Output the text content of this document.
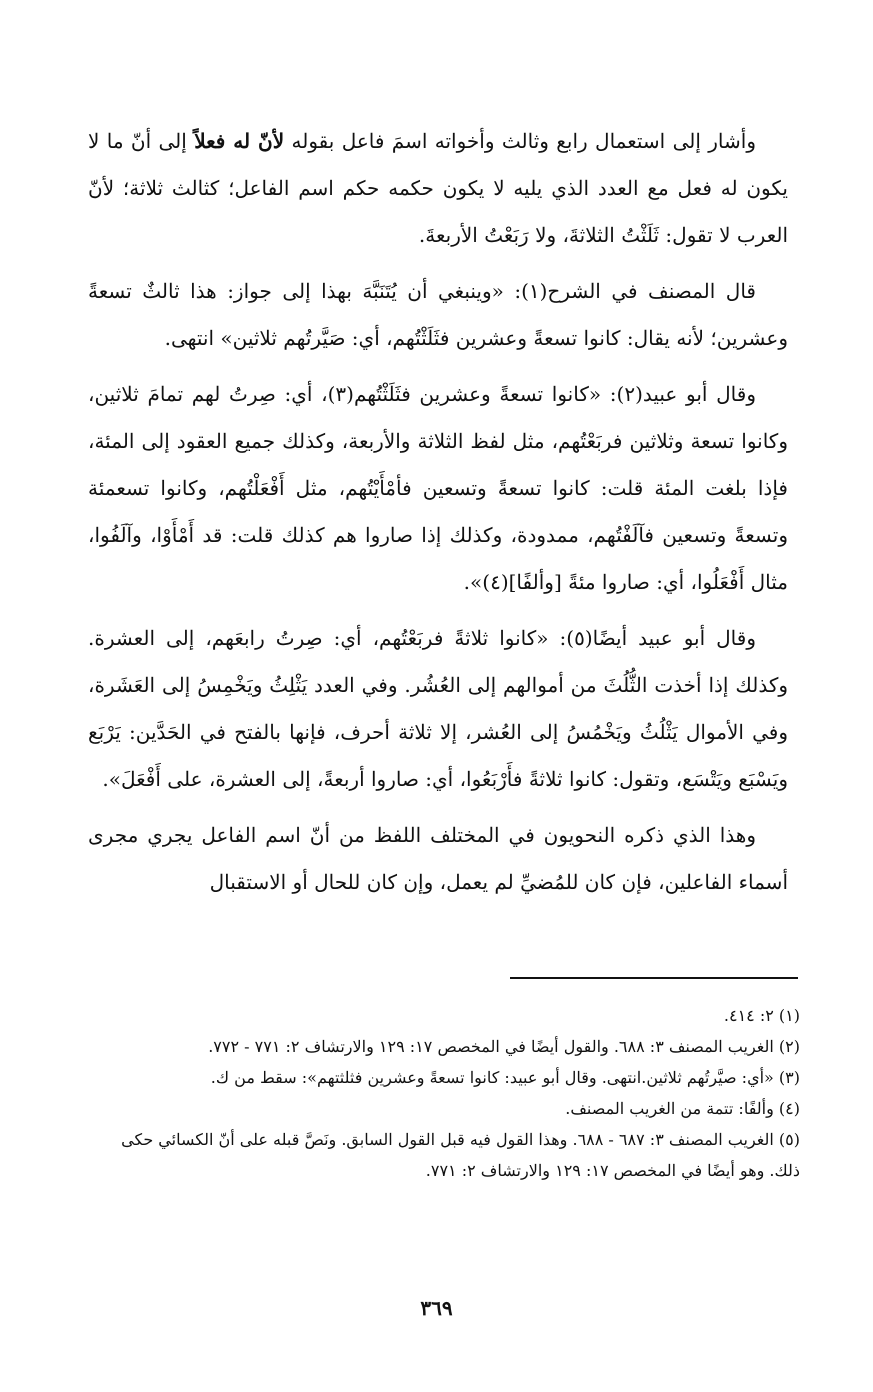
وأشار إلى استعمال رابع وثالث وأخواته اسمَ فاعل بقوله لأنّ له فعلاً إلى أنّ ما لا يكون له فعل مع العدد الذي يليه لا يكون حكمه حكم اسم الفاعل؛ كثالث ثلاثة؛ لأنّ العرب لا تقول: ثَلَثْتُ الثلاثةَ، ولا رَبَعْتُ الأربعةَ.

قال المصنف في الشرح(١): «وينبغي أن يُتَنَبَّهَ بهذا إلى جواز: هذا ثالثٌ تسعةً وعشرين؛ لأنه يقال: كانوا تسعةً وعشرين فثَلَثْتُهم، أي: صَيَّرتُهم ثلاثين» انتهى.

وقال أبو عبيد(٢): «كانوا تسعةً وعشرين فثَلَثْتُهم(٣)، أي: صِرتُ لهم تمامَ ثلاثين، وكانوا تسعة وثلاثين فربَعْتُهم، مثل لفظ الثلاثة والأربعة، وكذلك جميع العقود إلى المئة، فإذا بلغت المئة قلت: كانوا تسعةً وتسعين فأمْأَيْتُهم، مثل أَفْعَلْتُهم، وكانوا تسعمئة وتسعةً وتسعين فآلَفْتُهم، ممدودة، وكذلك إذا صاروا هم كذلك قلت: قد أَمْأَوْا، وآلَفُوا، مثال أَفْعَلُوا، أي: صاروا مئةً [وألفًا](٤)».

وقال أبو عبيد أيضًا(٥): «كانوا ثلاثةً فربَعْتُهم، أي: صِرتُ رابعَهم، إلى العشرة. وكذلك إذا أخذت الثُّلُثَ من أموالهم إلى العُشُر. وفي العدد يَثْلِثُ ويَخْمِسُ إلى العَشَرة، وفي الأموال يَثْلُثُ ويَخْمُسُ إلى العُشر، إلا ثلاثة أحرف، فإنها بالفتح في الحَدَّين: يَرْبَع ويَسْبَع ويَتْسَع، وتقول: كانوا ثلاثةً فأَرْبَعُوا، أي: صاروا أربعةً، إلى العشرة، على أَفْعَلَ».

وهذا الذي ذكره النحويون في المختلف اللفظ من أنّ اسم الفاعل يجري مجرى أسماء الفاعلين، فإن كان للمُضيِّ لم يعمل، وإن كان للحال أو الاستقبال

(١) ٢: ٤١٤.

(٢) الغريب المصنف ٣: ٦٨٨. والقول أيضًا في المخصص ١٧: ١٢٩ والارتشاف ٢: ٧٧١ - ٧٧٢.

(٣) «أي: صيَّرتُهم ثلاثين.انتهى. وقال أبو عبيد: كانوا تسعةً وعشرين فثلثتهم»: سقط من ك.

(٤) وألفًا: تتمة من الغريب المصنف.

(٥) الغريب المصنف ٣: ٦٨٧ - ٦٨٨. وهذا القول فيه قبل القول السابق. ونَصَّ قبله على أنّ الكسائي حكى ذلك. وهو أيضًا في المخصص ١٧: ١٢٩ والارتشاف ٢: ٧٧١.

٣٦٩
